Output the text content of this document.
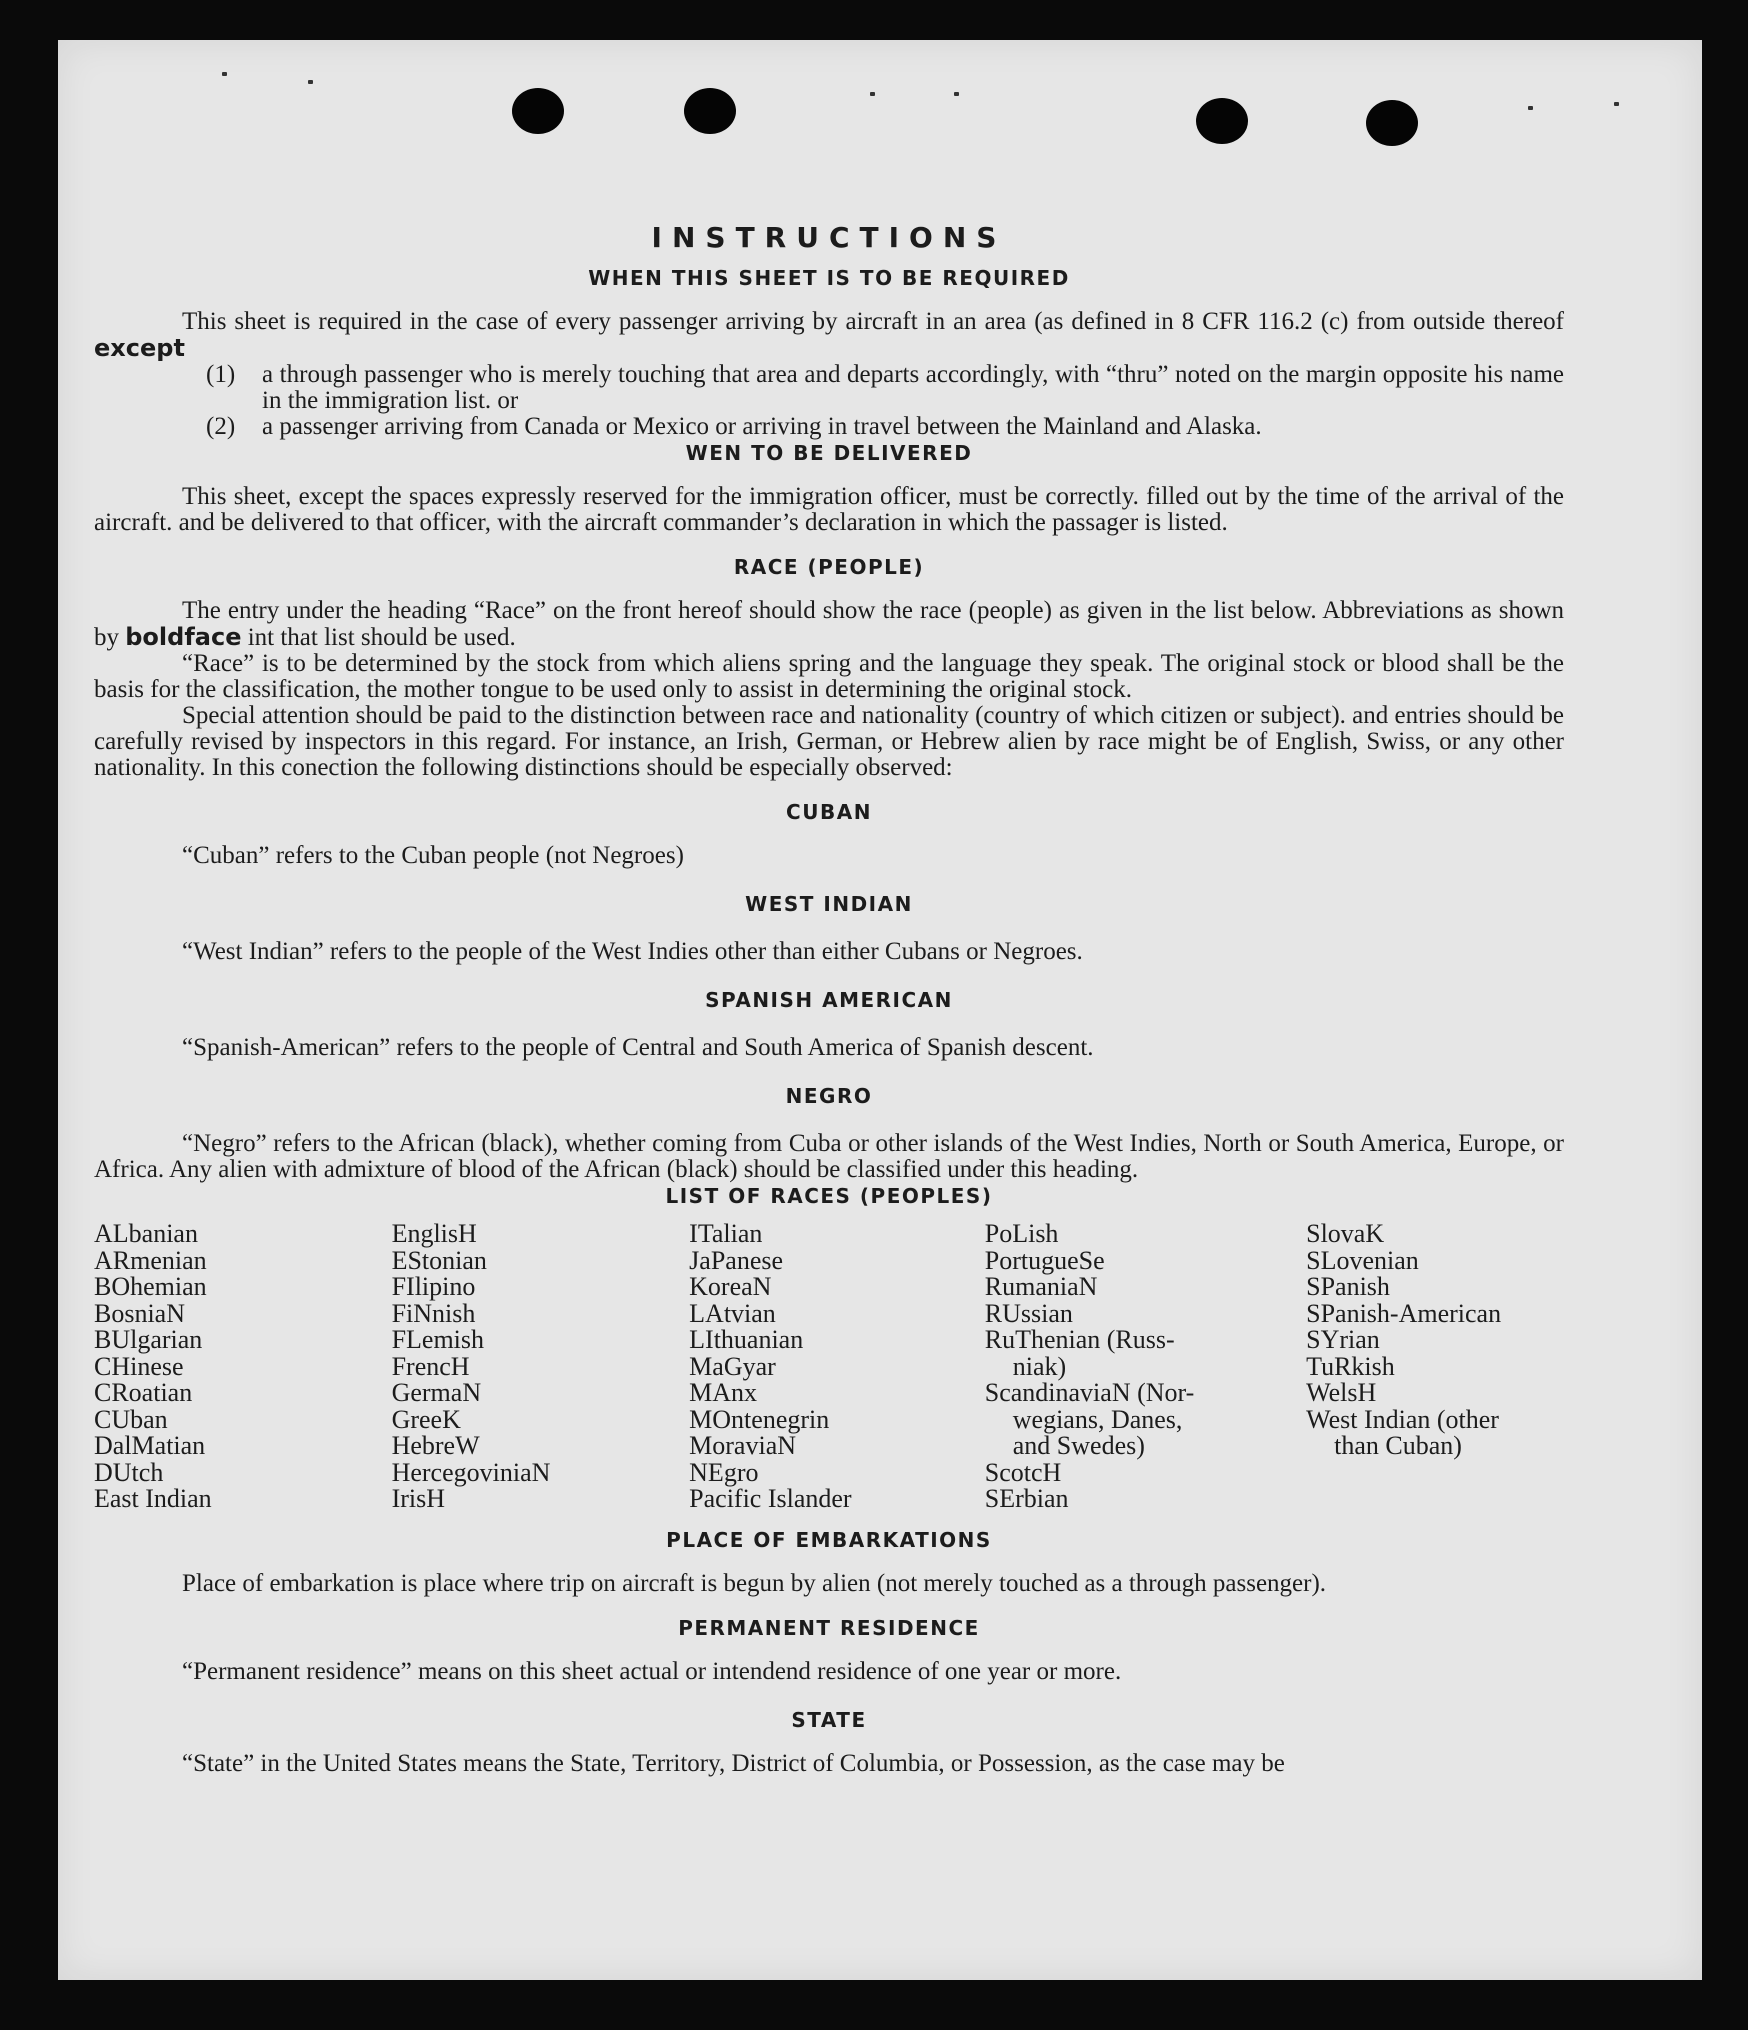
INSTRUCTIONS
WHEN THIS SHEET IS TO BE REQUIRED

This sheet is required in the case of every passenger arriving by aircraft in an area (as defined in 8 CFR 116.2 (c) from outside thereof except

(1)	a through passenger who is merely touching that area and departs accordingly, with “thru” noted on the margin opposite his name in the immigration list. or
(2)	a passenger arriving from Canada or Mexico or arriving in travel between the Mainland and Alaska.
WEN TO BE DELIVERED

This sheet, except the spaces expressly reserved for the immigration officer, must be correctly. filled out by the time of the arrival of the aircraft. and be delivered to that officer, with the aircraft commander’s declaration in which the passager is listed.

RACE (PEOPLE)

The entry under the heading “Race” on the front hereof should show the race (people) as given in the list below. Abbreviations as shown by boldface int that list should be used.

“Race” is to be determined by the stock from which aliens spring and the language they speak. The original stock or blood shall be the basis for the classification, the mother tongue to be used only to assist in determining the original stock.

Special attention should be paid to the distinction between race and nationality (country of which citizen or subject). and entries should be carefully revised by inspectors in this regard. For instance, an Irish, German, or Hebrew alien by race might be of English, Swiss, or any other nationality. In this conection the following distinctions should be especially observed:

CUBAN

“Cuban” refers to the Cuban people (not Negroes)

WEST INDIAN

“West Indian” refers to the people of the West Indies other than either Cubans or Negroes.

SPANISH AMERICAN

“Spanish-American” refers to the people of Central and South America of Spanish descent.

NEGRO

“Negro” refers to the African (black), whether coming from Cuba or other islands of the West Indies, North or South America, Europe, or Africa. Any alien with admixture of blood of the African (black) should be classified under this heading.

LIST OF RACES (PEOPLES)
ALbanian
ARmenian
BOhemian
BosniaN
BUlgarian
CHinese
CRoatian
CUban
DalMatian
DUtch
East Indian
EnglisH
EStonian
FIlipino
FiNnish
FLemish
FrencH
GermaN
GreeK
HebreW
HercegoviniaN
IrisH
ITalian
JaPanese
KoreaN
LAtvian
LIthuanian
MaGyar
MAnx
MOntenegrin
MoraviaN
NEgro
Pacific Islander
PoLish
PortugueSe
RumaniaN
RUssian
RuThenian (Russ-
niak)
ScandinaviaN (Nor-
wegians, Danes,
and Swedes)
ScotcH
SErbian
SlovaK
SLovenian
SPanish
SPanish-American
SYrian
TuRkish
WelsH
West Indian (other
than Cuban)
PLACE OF EMBARKATIONS

Place of embarkation is place where trip on aircraft is begun by alien (not merely touched as a through passenger).

PERMANENT RESIDENCE

“Permanent residence” means on this sheet actual or intendend residence of one year or more.

STATE

“State” in the United States means the State, Territory, District of Columbia, or Possession, as the case may be
